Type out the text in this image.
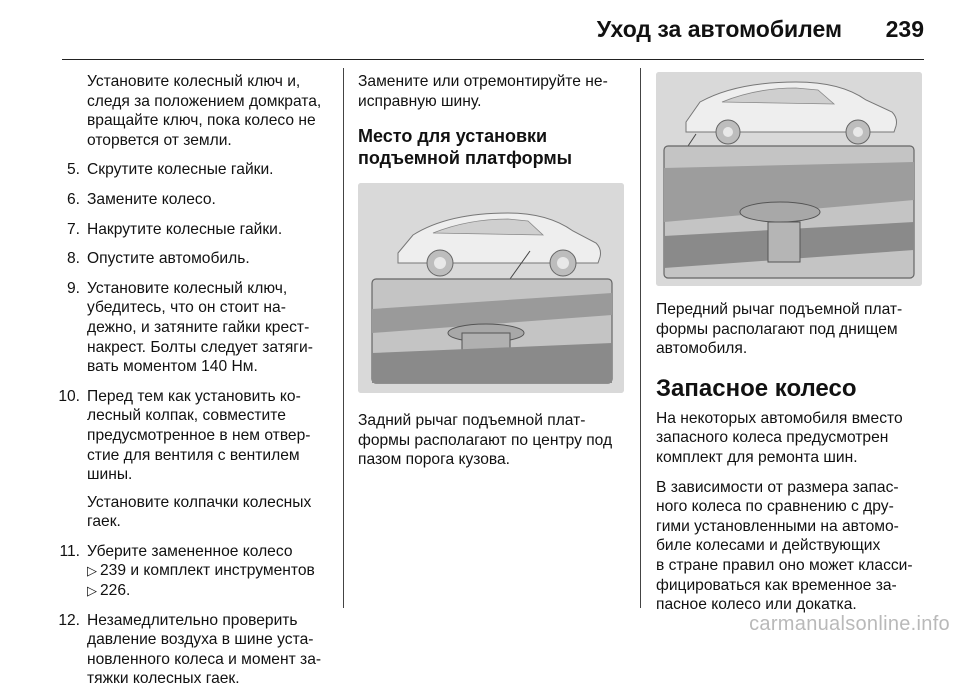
Уход за автомобилем 239
Установите колесный ключ и,
следя за положением домкрата,
вращайте ключ, пока колесо не
оторвется от земли.
5. Скрутите колесные гайки.
6. Замените колесо.
7. Накрутите колесные гайки.
8. Опустите автомобиль.
9. Установите колесный ключ,
убедитесь, что он стоит на-
дежно, и затяните гайки крест-
накрест. Болты следует затяги-
вать моментом 140 Нм.
10. Перед тем как установить ко-
лесный колпак, совместите
предусмотренное в нем отвер-
стие для вентиля с вентилем
шины.
Установите колпачки колесных
гаек.
11. Уберите замененное колесо
▷ 239 и комплект инструментов
▷ 226.
12. Незамедлительно проверить
давление воздуха в шине уста-
новленного колеса и момент за-
тяжки колесных гаек.
Замените или отремонтируйте не-
исправную шину.
Место для установки
подъемной платформы
Задний рычаг подъемной плат-
формы располагают по центру под
пазом порога кузова.
Передний рычаг подъемной плат-
формы располагают под днищем
автомобиля.
Запасное колесо
На некоторых автомобиля вместо
запасного колеса предусмотрен
комплект для ремонта шин.
В зависимости от размера запас-
ного колеса по сравнению с дру-
гими установленными на автомо-
биле колесами и действующих
в стране правил оно может класси-
фицироваться как временное за-
пасное колесо или докатка.
carmanualsonline.info
